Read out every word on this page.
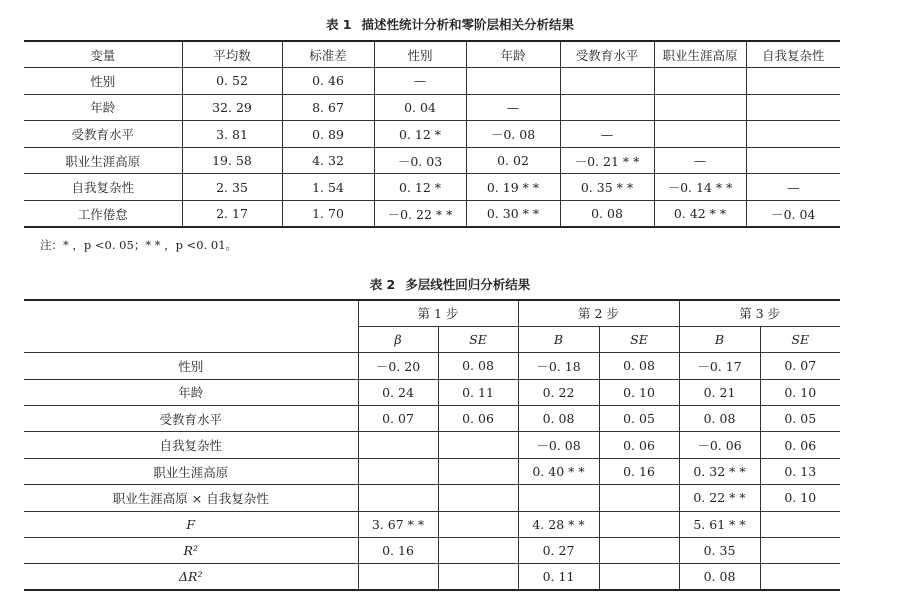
表 1 描述性统计分析和零阶层相关分析结果
变量	平均数	标准差	性别	年龄	受教育水平	职业生涯高原	自我复杂性
性别	0. 52	0. 46	—				
年龄	32. 29	8. 67	0. 04	—			
受教育水平	3. 81	0. 89	0. 12 *	－0. 08	—		
职业生涯高原	19. 58	4. 32	－0. 03	0. 02	－0. 21 * *	—	
自我复杂性	2. 35	1. 54	0. 12 *	0. 19 * *	0. 35 * *	－0. 14 * *	—
工作倦怠	2. 17	1. 70	－0. 22 * *	0. 30 * *	0. 08	0. 42 * *	－0. 04
注：* ，p <0. 05；* * ，p <0. 01。
表 2 多层线性回归分析结果
	第 1 步		第 2 步		第 3 步	
	β	SE	B	SE	B	SE
性别	－0. 20	0. 08	－0. 18	0. 08	－0. 17	0. 07
年龄	0. 24	0. 11	0. 22	0. 10	0. 21	0. 10
受教育水平	0. 07	0. 06	0. 08	0. 05	0. 08	0. 05
自我复杂性			－0. 08	0. 06	－0. 06	0. 06
职业生涯高原			0. 40 * *	0. 16	0. 32 * *	0. 13
职业生涯高原 × 自我复杂性					0. 22 * *	0. 10
F	3. 67 * *		4. 28 * *		5. 61 * *	
R²	0. 16		0. 27		0. 35	
ΔR²			0. 11		0. 08	
